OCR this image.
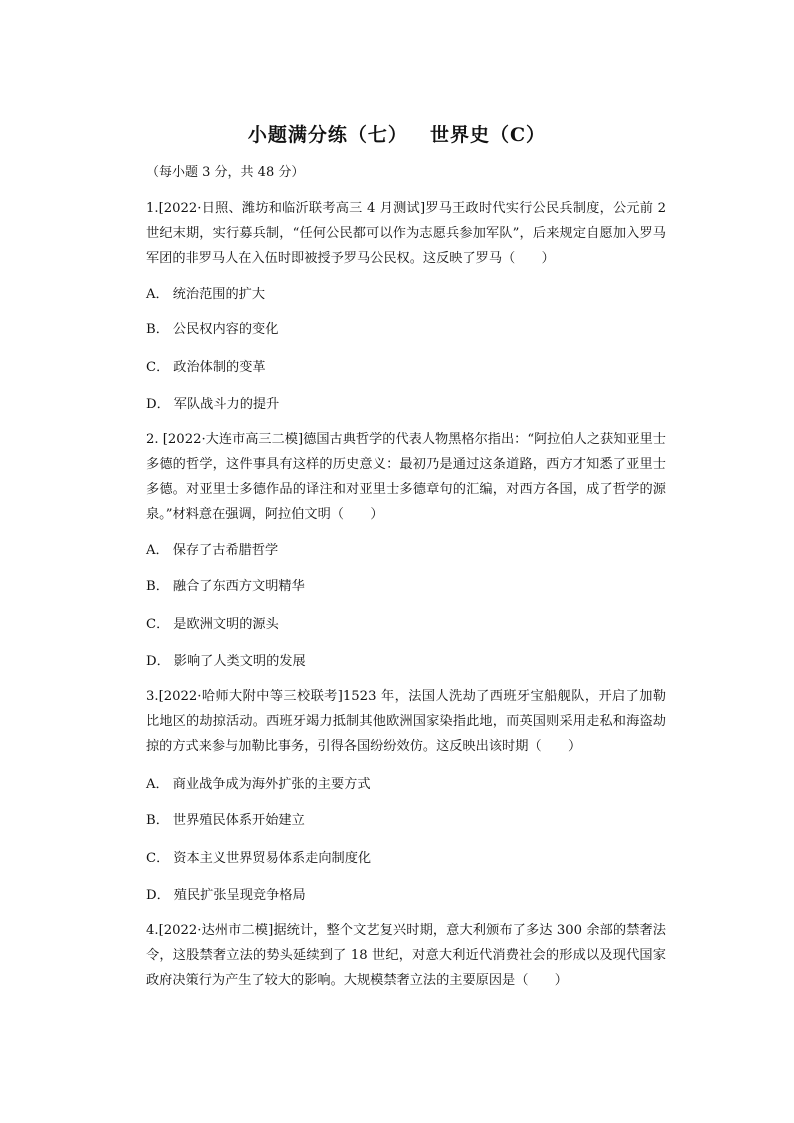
小题满分练（七） 世界史（C）
（每小题 3 分，共 48 分）
1.[2022·日照、潍坊和临沂联考高三 4 月测试]罗马王政时代实行公民兵制度，公元前 2 世纪末期，实行募兵制，“任何公民都可以作为志愿兵参加军队”，后来规定自愿加入罗马军团的非罗马人在入伍时即被授予罗马公民权。这反映了罗马（　　）
A． 统治范围的扩大
B． 公民权内容的变化
C． 政治体制的变革
D． 军队战斗力的提升
2. [2022·大连市高三二模]德国古典哲学的代表人物黑格尔指出：“阿拉伯人之获知亚里士多德的哲学，这件事具有这样的历史意义：最初乃是通过这条道路，西方才知悉了亚里士多德。对亚里士多德作品的译注和对亚里士多德章句的汇编，对西方各国，成了哲学的源泉。”材料意在强调，阿拉伯文明（　　）
A． 保存了古希腊哲学
B． 融合了东西方文明精华
C． 是欧洲文明的源头
D． 影响了人类文明的发展
3.[2022·哈师大附中等三校联考]1523 年，法国人洗劫了西班牙宝船舰队，开启了加勒比地区的劫掠活动。西班牙竭力抵制其他欧洲国家染指此地，而英国则采用走私和海盗劫掠的方式来参与加勒比事务，引得各国纷纷效仿。这反映出该时期（　　）
A． 商业战争成为海外扩张的主要方式
B． 世界殖民体系开始建立
C． 资本主义世界贸易体系走向制度化
D． 殖民扩张呈现竞争格局
4.[2022·达州市二模]据统计，整个文艺复兴时期，意大利颁布了多达 300 余部的禁奢法令，这股禁奢立法的势头延续到了 18 世纪，对意大利近代消费社会的形成以及现代国家政府决策行为产生了较大的影响。大规模禁奢立法的主要原因是（　　）
